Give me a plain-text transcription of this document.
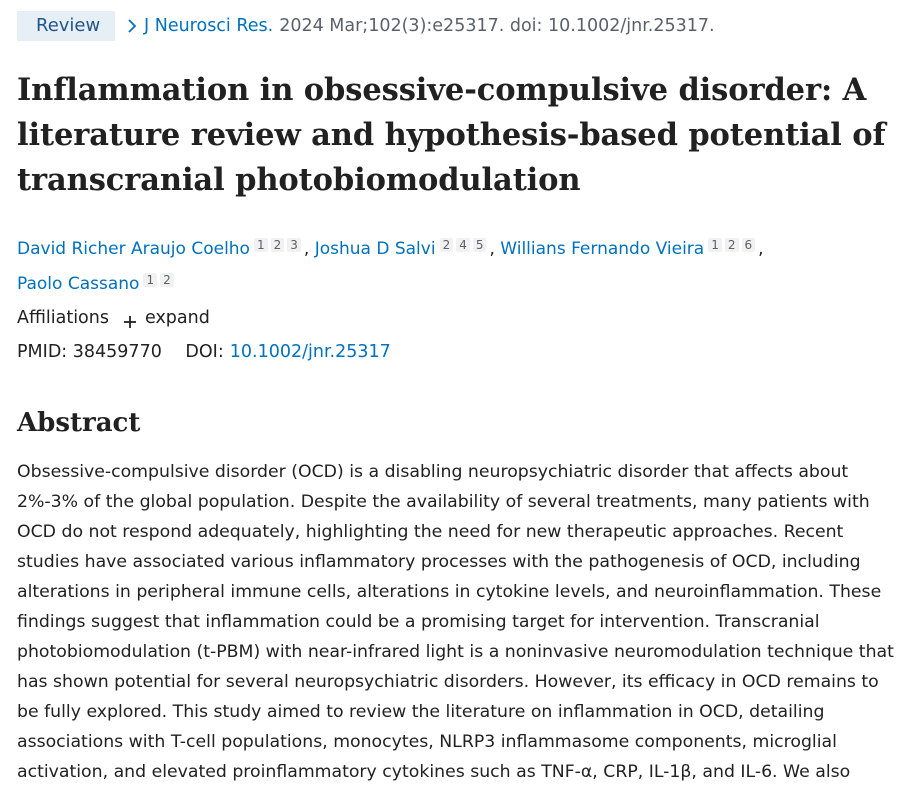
Review	J Neurosci Res. 2024 Mar;102(3):e25317. doi: 10.1002/jnr.25317.
Inflammation in obsessive-compulsive disorder: A literature review and hypothesis-based potential of transcranial photobiomodulation
David Richer Araujo Coelho 1 2 3 , Joshua D Salvi 2 4 5 , Willians Fernando Vieira 1 2 6 ,
Paolo Cassano 1 2
Affiliations expand
PMID: 38459770 DOI: 10.1002/jnr.25317
Abstract

Obsessive-compulsive disorder (OCD) is a disabling neuropsychiatric disorder that affects about 2%-3% of the global population. Despite the availability of several treatments, many patients with OCD do not respond adequately, highlighting the need for new therapeutic approaches. Recent studies have associated various inflammatory processes with the pathogenesis of OCD, including alterations in peripheral immune cells, alterations in cytokine levels, and neuroinflammation. These findings suggest that inflammation could be a promising target for intervention. Transcranial photobiomodulation (t-PBM) with near-infrared light is a noninvasive neuromodulation technique that has shown potential for several neuropsychiatric disorders. However, its efficacy in OCD remains to be fully explored. This study aimed to review the literature on inflammation in OCD, detailing associations with T-cell populations, monocytes, NLRP3 inflammasome components, microglial activation, and elevated proinflammatory cytokines such as TNF-α, CRP, IL-1β, and IL-6. We also
